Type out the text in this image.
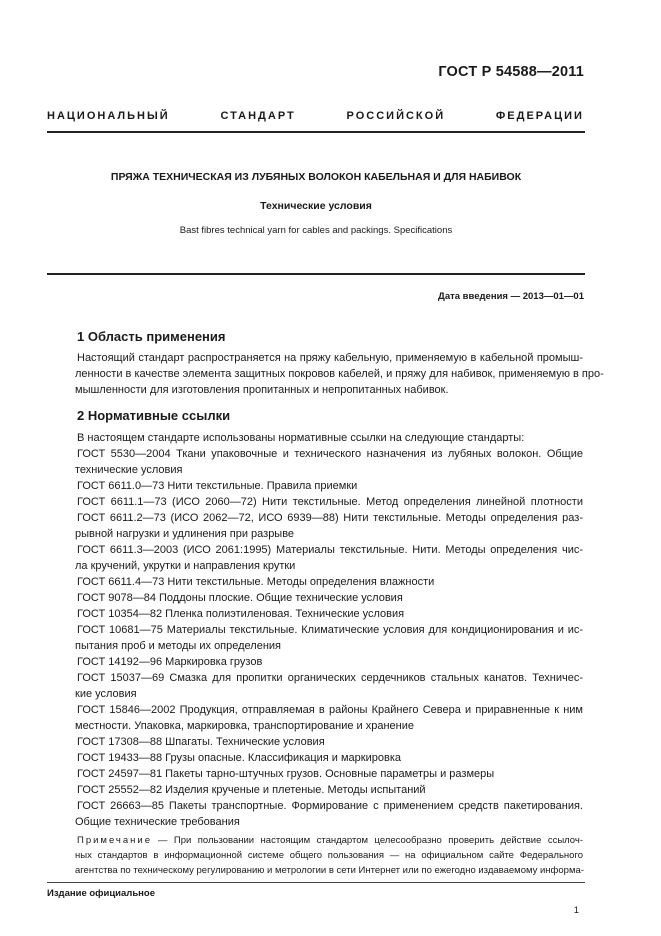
ГОСТ Р 54588—2011
НАЦИОНАЛЬНЫЙ	СТАНДАРТ	РОССИЙСКОЙ	ФЕДЕРАЦИИ
ПРЯЖА ТЕХНИЧЕСКАЯ ИЗ ЛУБЯНЫХ ВОЛОКОН КАБЕЛЬНАЯ И ДЛЯ НАБИВОК
Технические условия
Bast fibres technical yarn for cables and packings. Specifications
Дата введения — 2013—01—01
1 Область применения
Настоящий стандарт распространяется на пряжу кабельную, применяемую в кабельной промыш-
ленности в качестве элемента защитных покровов кабелей, и пряжу для набивок, применяемую в про-
мышленности для изготовления пропитанных и непропитанных набивок.
2 Нормативные ссылки
В настоящем стандарте использованы нормативные ссылки на следующие стандарты:
ГОСТ 5530—2004 Ткани упаковочные и технического назначения из лубяных волокон. Общие
технические условия
ГОСТ 6611.0—73 Нити текстильные. Правила приемки
ГОСТ 6611.1—73 (ИСО 2060—72) Нити текстильные. Метод определения линейной плотности
ГОСТ 6611.2—73 (ИСО 2062—72, ИСО 6939—88) Нити текстильные. Методы определения раз-
рывной нагрузки и удлинения при разрыве
ГОСТ 6611.3—2003 (ИСО 2061:1995) Материалы текстильные. Нити. Методы определения чис-
ла кручений, укрутки и направления крутки
ГОСТ 6611.4—73 Нити текстильные. Методы определения влажности
ГОСТ 9078—84 Поддоны плоские. Общие технические условия
ГОСТ 10354—82 Пленка полиэтиленовая. Технические условия
ГОСТ 10681—75 Материалы текстильные. Климатические условия для кондиционирования и ис-
пытания проб и методы их определения
ГОСТ 14192—96 Маркировка грузов
ГОСТ 15037—69 Смазка для пропитки органических сердечников стальных канатов. Техничес-
кие условия
ГОСТ 15846—2002 Продукция, отправляемая в районы Крайнего Севера и приравненные к ним
местности. Упаковка, маркировка, транспортирование и хранение
ГОСТ 17308—88 Шпагаты. Технические условия
ГОСТ 19433—88 Грузы опасные. Классификация и маркировка
ГОСТ 24597—81 Пакеты тарно-штучных грузов. Основные параметры и размеры
ГОСТ 25552—82 Изделия крученые и плетеные. Методы испытаний
ГОСТ 26663—85 Пакеты транспортные. Формирование с применением средств пакетирования.
Общие технические требования
Примечание — При пользовании настоящим стандартом целесообразно проверить действие ссылоч-
ных стандартов в информационной системе общего пользования — на официальном сайте Федерального
агентства по техническому регулированию и метрологии в сети Интернет или по ежегодно издаваемому информа-
Издание официальное
1
